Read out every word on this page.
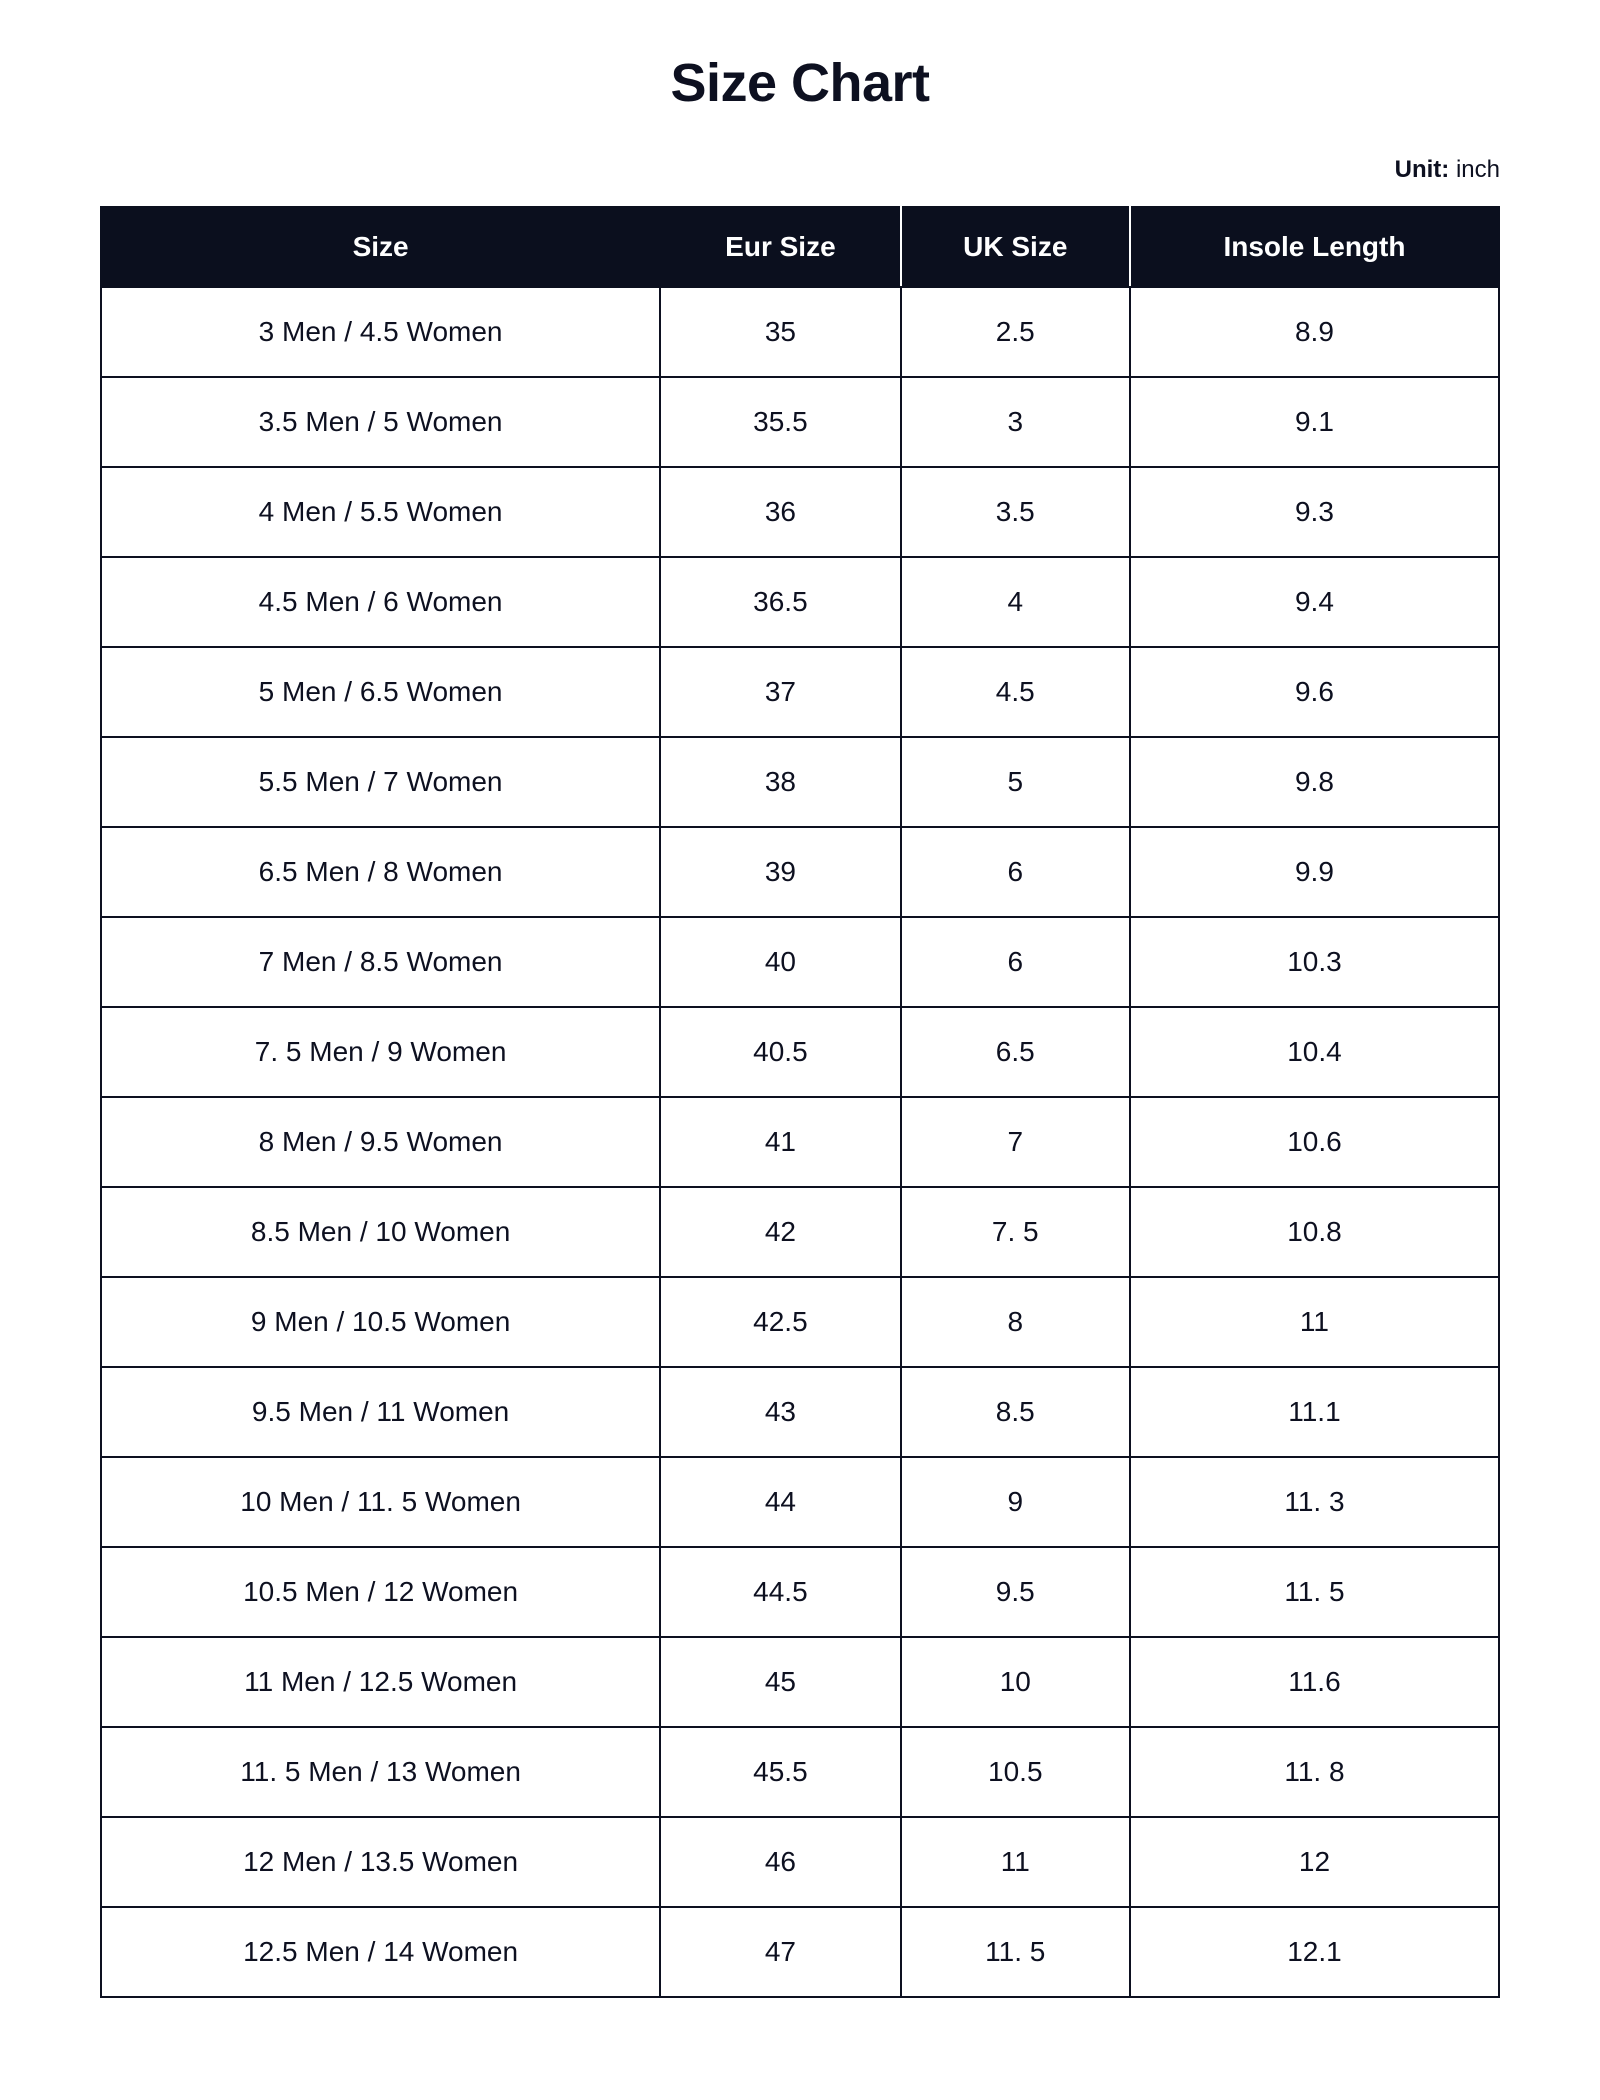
Size Chart
Unit: inch
Size	Eur Size	UK Size	Insole Length
3 Men / 4.5 Women	35	2.5	8.9
3.5 Men / 5 Women	35.5	3	9.1
4 Men / 5.5 Women	36	3.5	9.3
4.5 Men / 6 Women	36.5	4	9.4
5 Men / 6.5 Women	37	4.5	9.6
5.5 Men / 7 Women	38	5	9.8
6.5 Men / 8 Women	39	6	9.9
7 Men / 8.5 Women	40	6	10.3
7. 5 Men / 9 Women	40.5	6.5	10.4
8 Men / 9.5 Women	41	7	10.6
8.5 Men / 10 Women	42	7. 5	10.8
9 Men / 10.5 Women	42.5	8	11
9.5 Men / 11 Women	43	8.5	11.1
10 Men / 11. 5 Women	44	9	11. 3
10.5 Men / 12 Women	44.5	9.5	11. 5
11 Men / 12.5 Women	45	10	11.6
11. 5 Men / 13 Women	45.5	10.5	11. 8
12 Men / 13.5 Women	46	11	12
12.5 Men / 14 Women	47	11. 5	12.1
